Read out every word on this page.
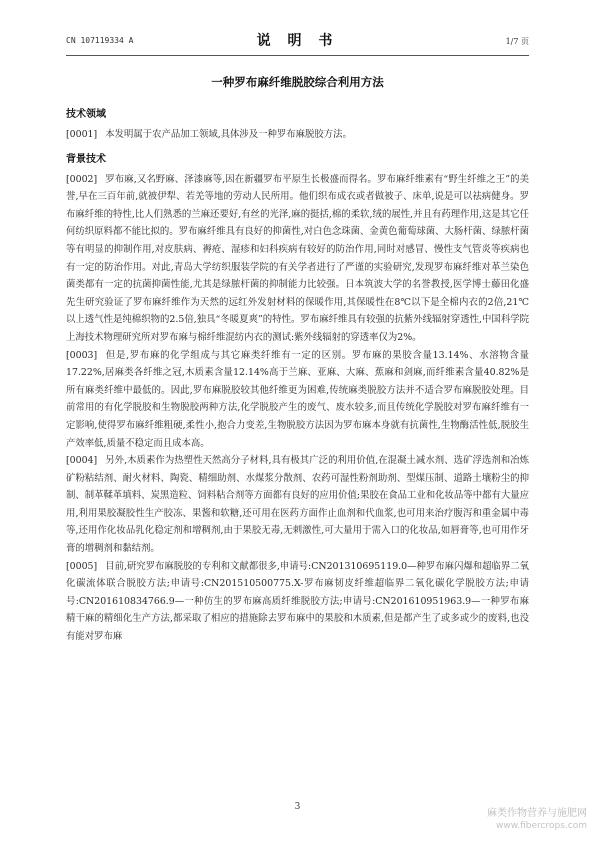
CN 107119334 A	说 明 书	1/7 页
一种罗布麻纤维脱胶综合利用方法
技术领域

[0001] 本发明属于农产品加工领域,具体涉及一种罗布麻脱胶方法。

背景技术

[0002] 罗布麻,又名野麻、泽漆麻等,因在新疆罗布平原生长极盛而得名。罗布麻纤维素有“野生纤维之王”的美誉,早在三百年前,就被伊犁、若羌等地的劳动人民所用。他们织布成衣或者做被子、床单,说是可以祛病健身。罗布麻纤维的特性,比人们熟悉的兰麻还要好,有丝的光泽,麻的挺括,棉的柔软,绒的展性,并且有药理作用,这是其它任何纺织原料都不能比拟的。罗布麻纤维具有良好的抑菌性,对白色念珠菌、金黄色葡萄球菌、大肠杆菌、绿脓杆菌等有明显的抑制作用,对皮肤病、褥疮、湿疹和妇科疾病有较好的防治作用,同时对感冒、慢性支气管炎等疾病也有一定的防治作用。对此,青岛大学纺织服装学院的有关学者进行了严谨的实验研究,发现罗布麻纤维对革兰染色菌类都有一定的抗菌抑菌性能,尤其是绿脓杆菌的抑制能力比较强。日本筑波大学的名誉教授,医学博士藤田化盛先生研究验证了罗布麻纤维作为天然的远红外发射材料的保暖作用,其保暖性在8℃以下是全棉内衣的2倍,21℃以上透气性是纯棉织物的2.5倍,独具“冬暖夏爽”的特性。罗布麻纤维具有较强的抗紫外线辐射穿透性,中国科学院上海技术物理研究所对罗布麻与棉纤维混纺内衣的测试:紫外线辐射的穿透率仅为2%。

[0003] 但是,罗布麻的化学组成与其它麻类纤维有一定的区别。罗布麻的果胶含量13.14%、水溶物含量17.22%,居麻类各纤维之冠,木质素含量12.14%高于兰麻、亚麻、大麻、蕉麻和剑麻,而纤维素含量40.82%是所有麻类纤维中最低的。因此,罗布麻脱胶较其他纤维更为困难,传统麻类脱胶方法并不适合罗布麻脱胶处理。目前常用的有化学脱胶和生物脱胶两种方法,化学脱胶产生的废气、废水较多,而且传统化学脱胶对罗布麻纤维有一定影响,使得罗布麻纤维粗硬,柔性小,抱合力变差,生物脱胶方法因为罗布麻本身就有抗菌性,生物酶活性低,脱胶生产效率低,质量不稳定而且成本高。

[0004] 另外,木质素作为热塑性天然高分子材料,具有极其广泛的利用价值,在混凝土减水剂、选矿浮选剂和冶炼矿粉粘结剂、耐火材料、陶瓷、精细助剂、水煤浆分散剂、农药可湿性粉剂助剂、型煤压制、道路土壤粉尘的抑制、制革鞣革填料、炭黑造粒、饲料粘合剂等方面都有良好的应用价值;果胶在食品工业和化妆品等中都有大量应用,利用果胶凝胶性生产胶冻、果酱和软糖,还可用在医药方面作止血剂和代血浆,也可用来治疗腹泻和重金属中毒等,还用作化妆品乳化稳定剂和增稠剂,由于果胶无毒,无刺激性,可大量用于需入口的化妆品,如唇膏等,也可用作牙膏的增稠剂和黏结剂。

[0005] 目前,研究罗布麻脱胶的专利和文献都很多,申请号:CN201310695119.0—种罗布麻闪爆和超临界二氧化碳流体联合脱胶方法;申请号:CN201510500775.X-罗布麻韧皮纤维超临界二氧化碳化学脱胶方法;申请号:CN201610834766.9—一种仿生的罗布麻高质纤维脱胶方法;申请号:CN201610951963.9—一种罗布麻精干麻的精细化生产方法,都采取了相应的措施除去罗布麻中的果胶和木质素,但是都产生了或多或少的废料,也没有能对罗布麻

3
麻类作物营养与施肥网
www.fibercrops.com
